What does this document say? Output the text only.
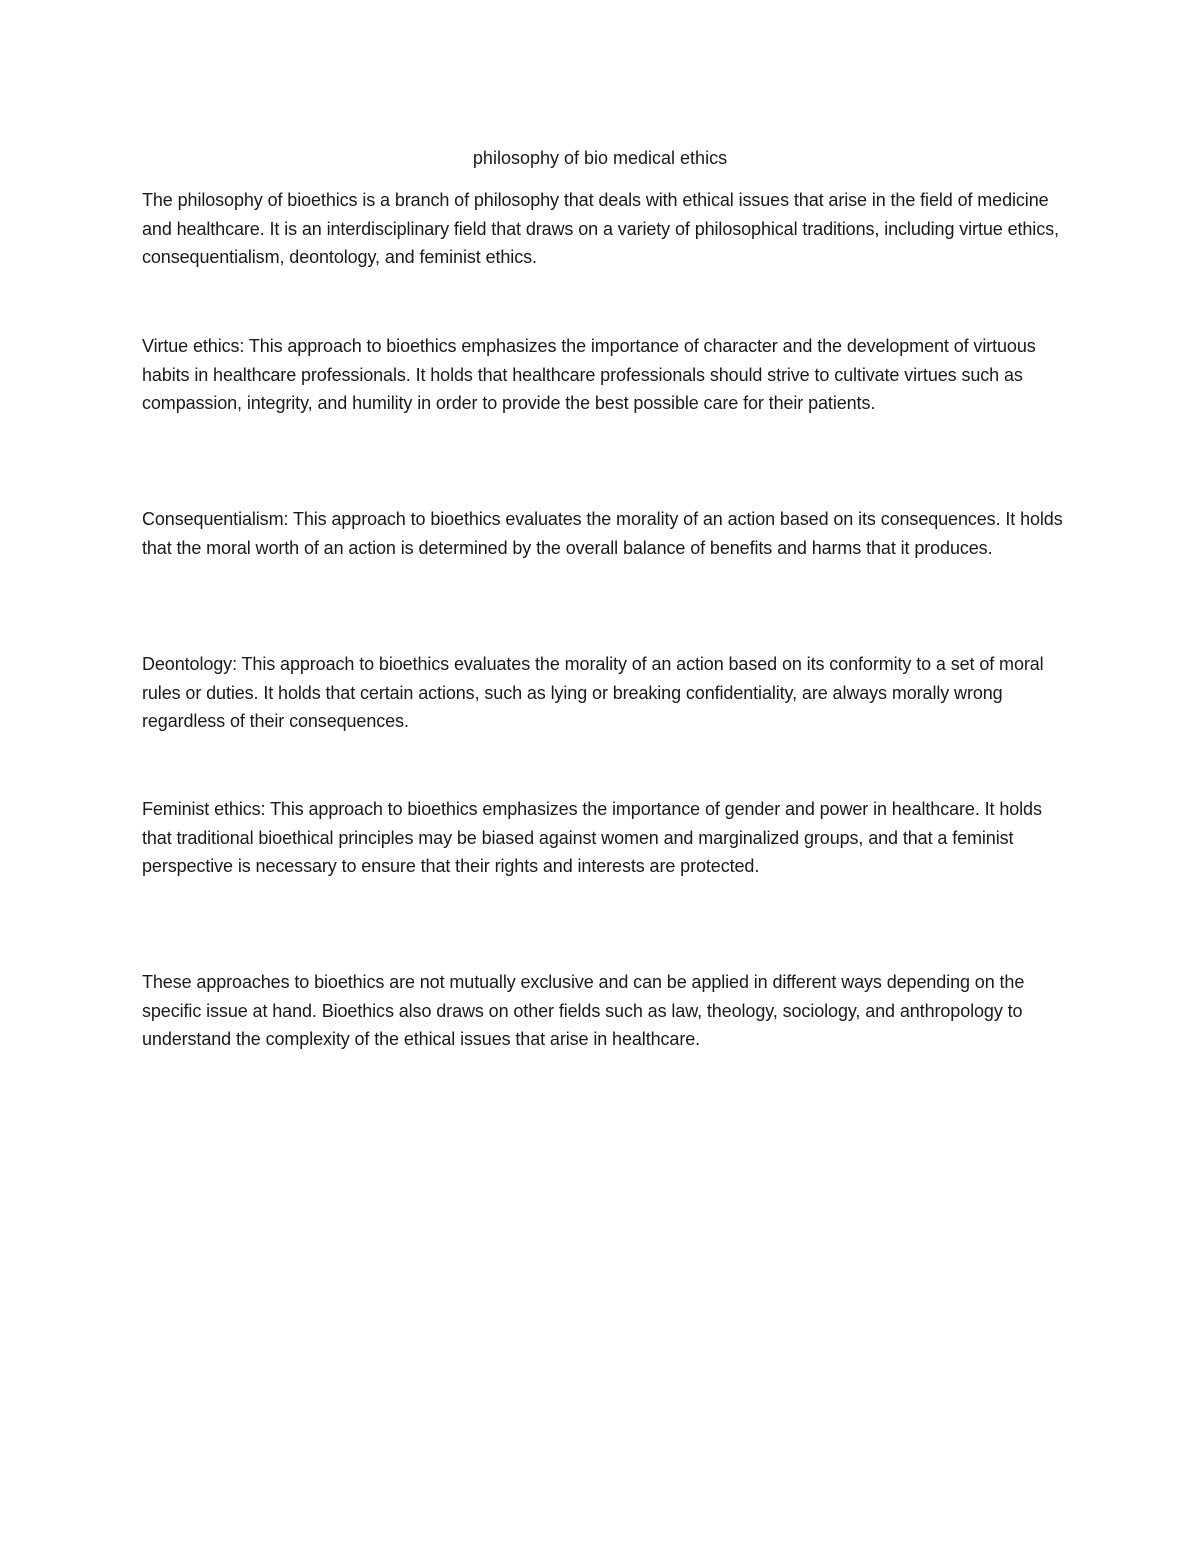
philosophy of bio medical ethics

The philosophy of bioethics is a branch of philosophy that deals with ethical issues that arise in the field of medicine and healthcare. It is an interdisciplinary field that draws on a variety of philosophical traditions, including virtue ethics, consequentialism, deontology, and feminist ethics.

Virtue ethics: This approach to bioethics emphasizes the importance of character and the development of virtuous habits in healthcare professionals. It holds that healthcare professionals should strive to cultivate virtues such as compassion, integrity, and humility in order to provide the best possible care for their patients.

Consequentialism: This approach to bioethics evaluates the morality of an action based on its consequences. It holds that the moral worth of an action is determined by the overall balance of benefits and harms that it produces.

Deontology: This approach to bioethics evaluates the morality of an action based on its conformity to a set of moral rules or duties. It holds that certain actions, such as lying or breaking confidentiality, are always morally wrong regardless of their consequences.

Feminist ethics: This approach to bioethics emphasizes the importance of gender and power in healthcare. It holds that traditional bioethical principles may be biased against women and marginalized groups, and that a feminist perspective is necessary to ensure that their rights and interests are protected.

These approaches to bioethics are not mutually exclusive and can be applied in different ways depending on the specific issue at hand. Bioethics also draws on other fields such as law, theology, sociology, and anthropology to understand the complexity of the ethical issues that arise in healthcare.
